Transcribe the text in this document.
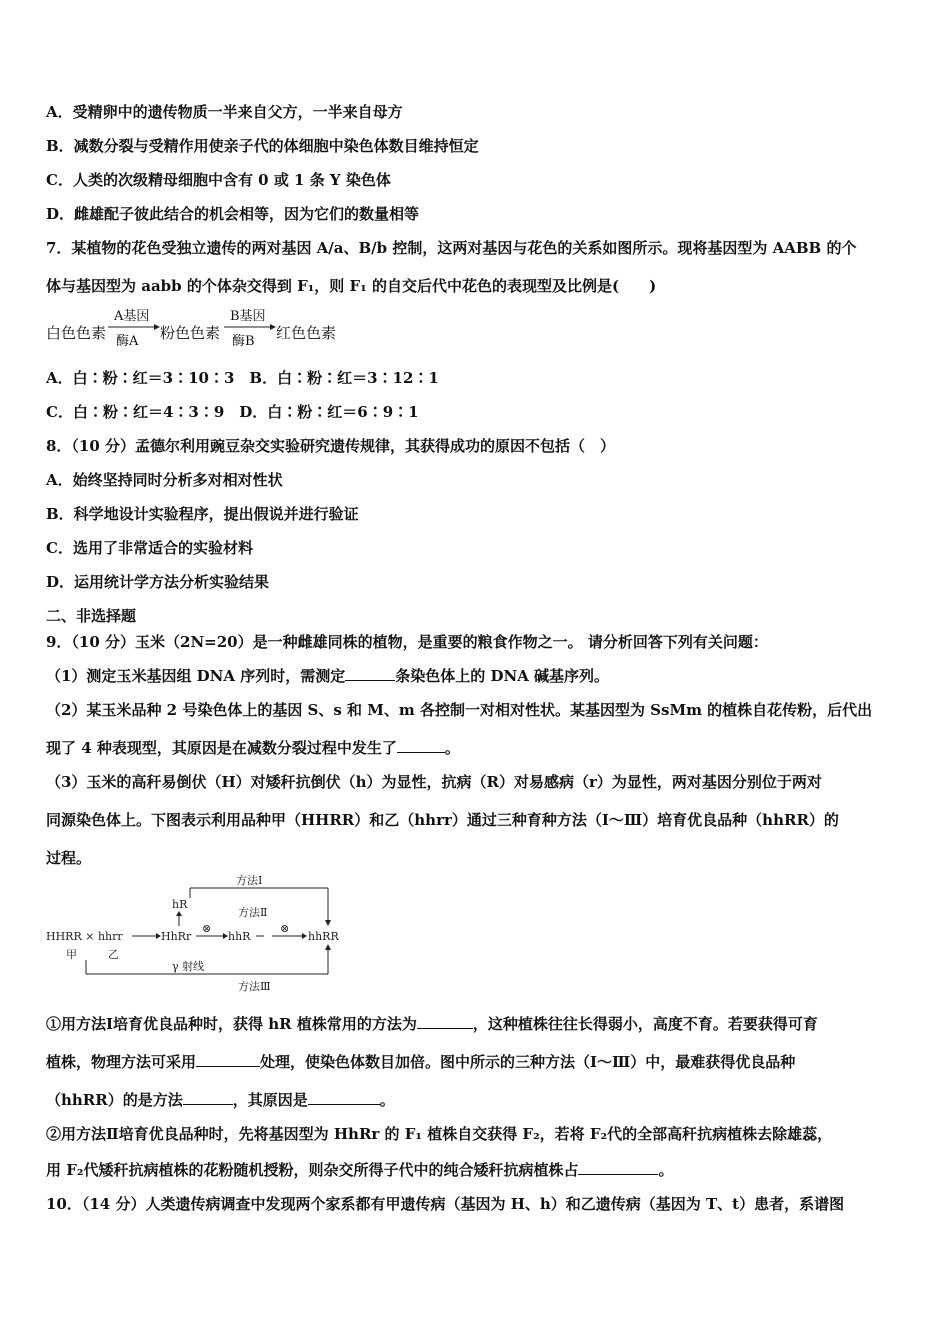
A．受精卵中的遗传物质一半来自父方，一半来自母方
B．减数分裂与受精作用使亲子代的体细胞中染色体数目维持恒定
C．人类的次级精母细胞中含有 0 或 1 条 Y 染色体
D．雌雄配子彼此结合的机会相等，因为它们的数量相等
7．某植物的花色受独立遗传的两对基因 A/a、B/b 控制，这两对基因与花色的关系如图所示。现将基因型为 AABB 的个
体与基因型为 aabb 的个体杂交得到 F₁，则 F₁ 的自交后代中花色的表现型及比例是(　　)
白色色素
A基因
酶A 粉色色素
B基因
酶B 红色色素
A．白∶粉∶红＝3∶10∶3　B．白∶粉∶红＝3∶12∶1
C．白∶粉∶红＝4∶3∶9　D．白∶粉∶红＝6∶9∶1
8．（10 分）孟德尔利用豌豆杂交实验研究遗传规律，其获得成功的原因不包括（　）
A．始终坚持同时分析多对相对性状
B．科学地设计实验程序，提出假说并进行验证
C．选用了非常适合的实验材料
D．运用统计学方法分析实验结果
二、非选择题
9．（10 分）玉米（2N=20）是一种雌雄同株的植物，是重要的粮食作物之一。 请分析回答下列有关问题：
（1）测定玉米基因组 DNA 序列时，需测定	条染色体上的 DNA 碱基序列。
（2）某玉米品种 2 号染色体上的基因 S、s 和 M、m 各控制一对相对性状。某基因型为 SsMm 的植株自花传粉，后代出
现了 4 种表现型，其原因是在减数分裂过程中发生了	。
（3）玉米的高秆易倒伏（H）对矮秆抗倒伏（h）为显性，抗病（R）对易感病（r）为显性，两对基因分别位于两对
同源染色体上。下图表示利用品种甲（HHRR）和乙（hhrr）通过三种育种方法（Ⅰ～Ⅲ）培育优良品种（hhRR）的
过程。
HHRR × hhrr
甲	乙
HhRr
hR
方法Ⅰ
方法Ⅱ
⊗
hhR
⊗
hhRR
γ 射线
方法Ⅲ
①用方法Ⅰ培育优良品种时，获得 hR 植株常用的方法为	，这种植株往往长得弱小，高度不育。若要获得可育
植株，物理方法可采用	处理，使染色体数目加倍。图中所示的三种方法（Ⅰ～Ⅲ）中，最难获得优良品种
（hhRR）的是方法	，其原因是	。
②用方法Ⅱ培育优良品种时，先将基因型为 HhRr 的 F₁ 植株自交获得 F₂，若将 F₂代的全部高秆抗病植株去除雄蕊，
用 F₂代矮秆抗病植株的花粉随机授粉，则杂交所得子代中的纯合矮秆抗病植株占	。
10．（14 分）人类遗传病调查中发现两个家系都有甲遗传病（基因为 H、h）和乙遗传病（基因为 T、t）患者，系谱图
